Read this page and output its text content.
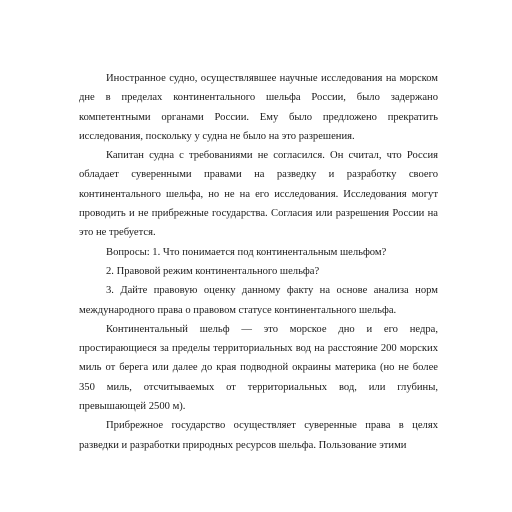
Иностранное судно, осуществлявшее научные исследования на морском дне в пределах континентального шельфа России, было задержано компетентными органами России. Ему было предложено прекратить исследования, поскольку у судна не было на это разрешения.

Капитан судна с требованиями не согласился. Он считал, что Россия обладает суверенными правами на разведку и разработку своего континентального шельфа, но не на его исследования. Исследования могут проводить и не прибрежные государства. Согласия или разрешения России на это не требуется.

Вопросы: 1. Что понимается под континентальным шельфом?

2. Правовой режим континентального шельфа?

3. Дайте правовую оценку данному факту на основе анализа норм международного права о правовом статусе континентального шельфа.

Континентальный шельф — это морское дно и его недра, простирающиеся за пределы территориальных вод на расстояние 200 морских миль от берега или далее до края подводной окраины материка (но не более 350 миль, отсчитываемых от территориальных вод, или глубины, превышающей 2500 м).

Прибрежное государство осуществляет суверенные права в целях разведки и разработки природных ресурсов шельфа. Пользование этими
